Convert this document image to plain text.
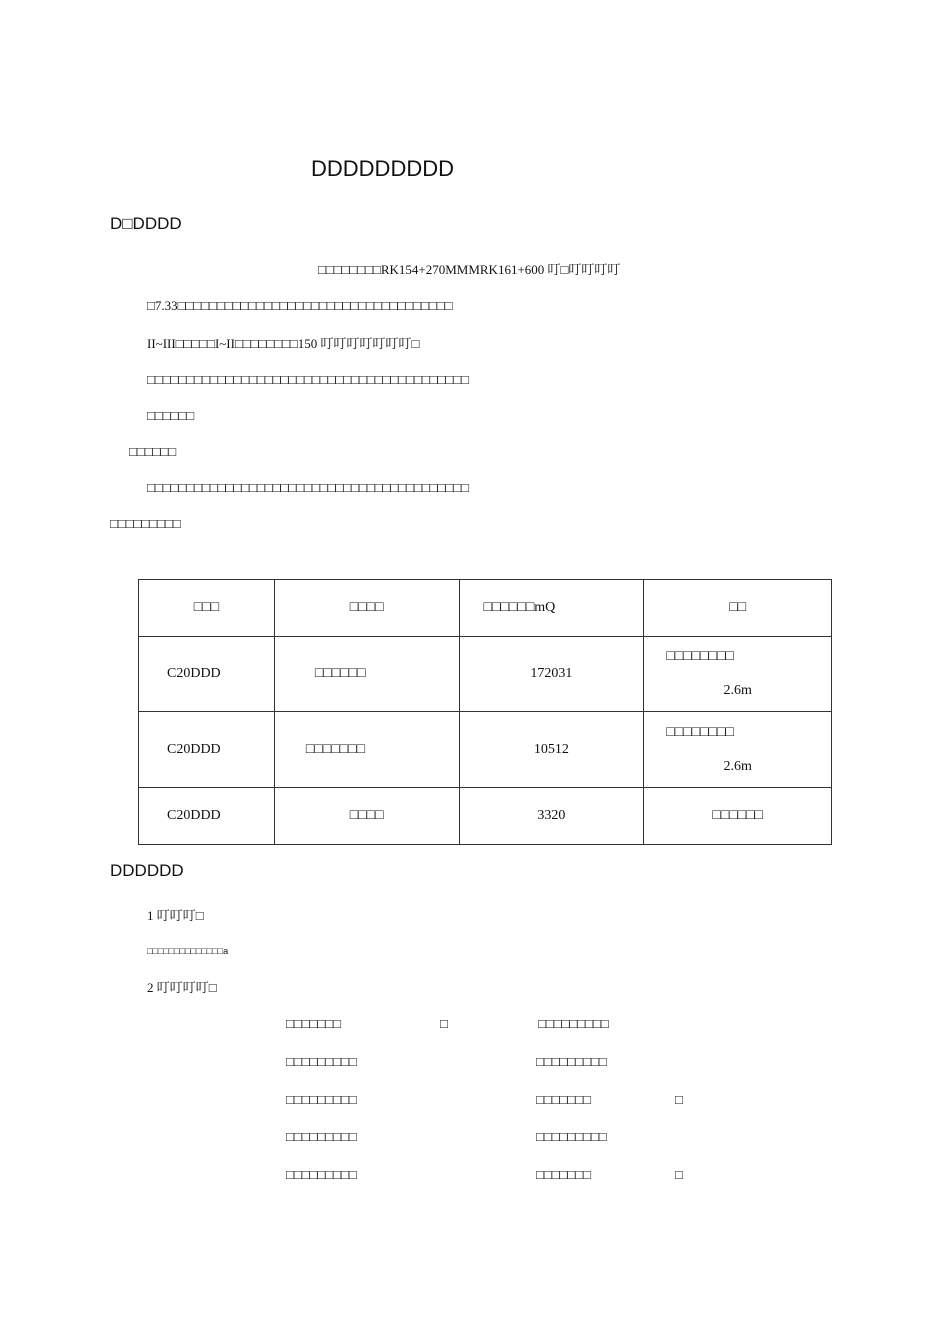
DDDDDDDDD
D□DDDD
□□□□□□□□RK154+270MMMRK161+600 叮□叮叮叮叮
□7.33□□□□□□□□□□□□□□□□□□□□□□□□□□□□□□□□□□□
II~III□□□□□I~II□□□□□□□□150 叮叮叮叮叮叮叮□
□□□□□□□□□□□□□□□□□□□□□□□□□□□□□□□□□□□□□□□□□
□□□□□□
□□□□□□
□□□□□□□□□□□□□□□□□□□□□□□□□□□□□□□□□□□□□□□□□
□□□□□□□□□
□□□	□□□□	□□□□□□mQ	□□
C20DDD	□□□□□□	172031	□□□□□□□□
2.6m

C20DDD	□□□□□□□	10512	□□□□□□□□
2.6m

C20DDD	□□□□	3320	□□□□□□
DDDDDD
1 叮叮叮□
□□□□□□□□□□□□□□a
2 叮叮叮叮□
□□□□□□□	□	□□□□□□□□□
□□□□□□□□□	□□□□□□□□□
□□□□□□□□□	□□□□□□□	□
□□□□□□□□□	□□□□□□□□□
□□□□□□□□□	□□□□□□□	□
